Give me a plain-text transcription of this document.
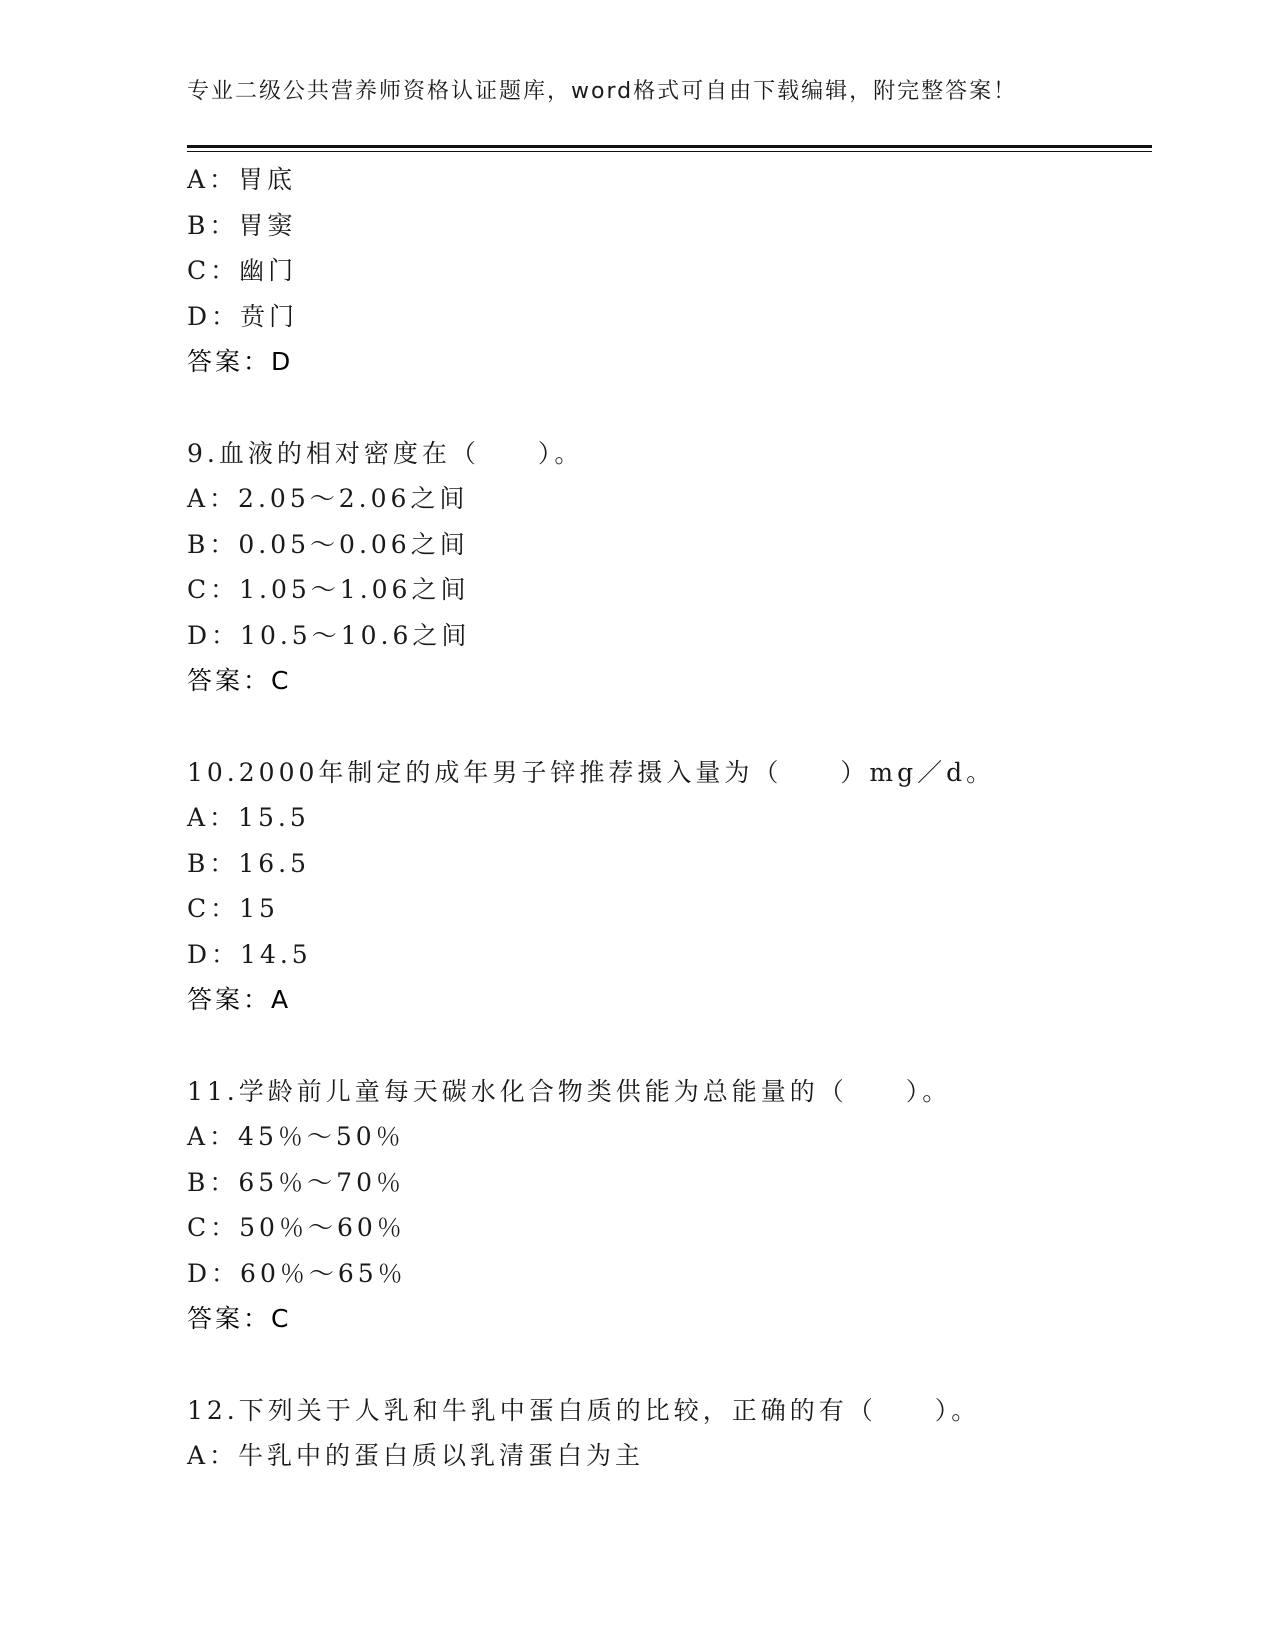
专业二级公共营养师资格认证题库，word格式可自由下载编辑，附完整答案！
A：胃底
B：胃窦
C：幽门
D：贲门
答案：D
9.血液的相对密度在（　　）。
A：2.05～2.06之间
B：0.05～0.06之间
C：1.05～1.06之间
D：10.5～10.6之间
答案：C
10.2000年制定的成年男子锌推荐摄入量为（　　）mg／d。
A：15.5
B：16.5
C：15
D：14.5
答案：A
11.学龄前儿童每天碳水化合物类供能为总能量的（　　）。
A：45％～50％
B：65％～70％
C：50％～60％
D：60％～65％
答案：C
12.下列关于人乳和牛乳中蛋白质的比较，正确的有（　　）。
A：牛乳中的蛋白质以乳清蛋白为主
